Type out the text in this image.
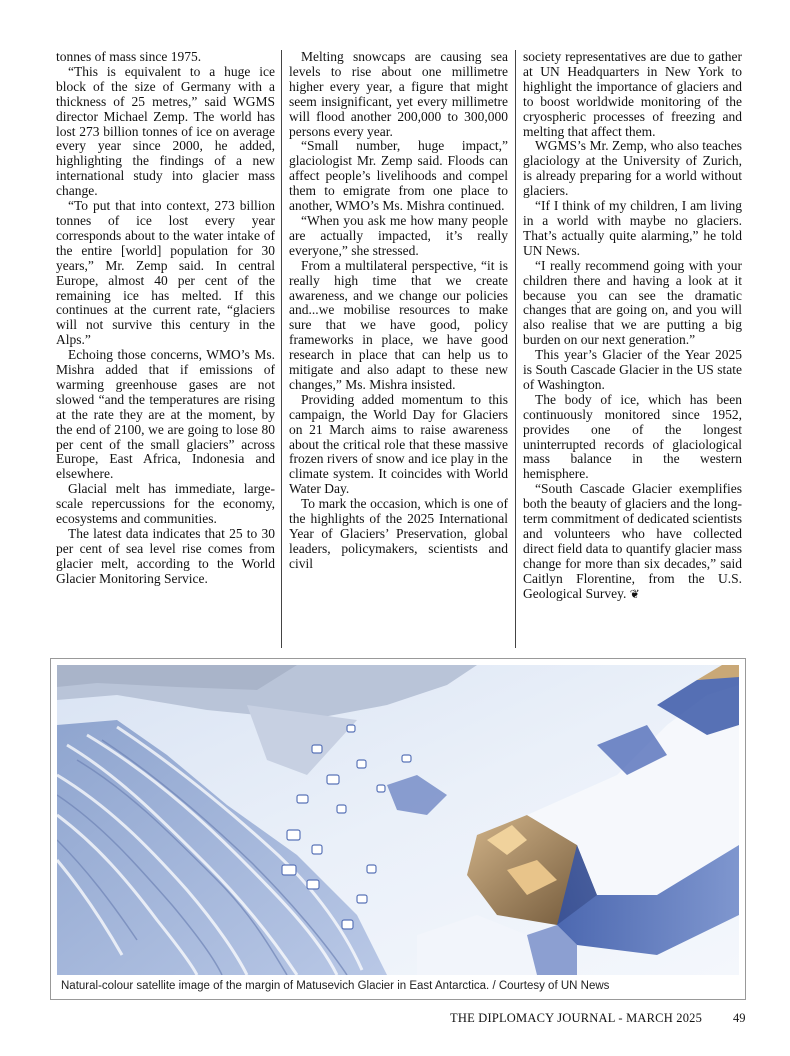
tonnes of mass since 1975.

“This is equivalent to a huge ice block of the size of Germany with a thickness of 25 metres,” said WGMS director Michael Zemp. The world has lost 273 billion tonnes of ice on average every year since 2000, he added, highlighting the findings of a new international study into glacier mass change.

“To put that into context, 273 billion tonnes of ice lost every year corresponds about to the water intake of the entire [world] population for 30 years,” Mr. Zemp said. In central Europe, almost 40 per cent of the remaining ice has melted. If this continues at the current rate, “glaciers will not survive this century in the Alps.”

Echoing those concerns, WMO’s Ms. Mishra added that if emissions of warming greenhouse gases are not slowed “and the temperatures are rising at the rate they are at the moment, by the end of 2100, we are going to lose 80 per cent of the small glaciers” across Europe, East Africa, Indonesia and elsewhere.

Glacial melt has immediate, large-scale repercussions for the economy, ecosystems and communities.

The latest data indicates that 25 to 30 per cent of sea level rise comes from glacier melt, according to the World Glacier Monitoring Service.

Melting snowcaps are causing sea levels to rise about one millimetre higher every year, a figure that might seem insignificant, yet every millimetre will flood another 200,000 to 300,000 persons every year.

“Small number, huge impact,” glaciologist Mr. Zemp said. Floods can affect people’s livelihoods and compel them to emigrate from one place to another, WMO’s Ms. Mishra continued.

“When you ask me how many people are actually impacted, it’s really everyone,” she stressed.

From a multilateral perspective, “it is really high time that we create awareness, and we change our policies and...we mobilise resources to make sure that we have good, policy frameworks in place, we have good research in place that can help us to mitigate and also adapt to these new changes,” Ms. Mishra insisted.

Providing added momentum to this campaign, the World Day for Glaciers on 21 March aims to raise awareness about the critical role that these massive frozen rivers of snow and ice play in the climate system. It coincides with World Water Day.

To mark the occasion, which is one of the highlights of the 2025 International Year of Glaciers’ Preservation, global leaders, policymakers, scientists and civil

society representatives are due to gather at UN Headquarters in New York to highlight the importance of glaciers and to boost worldwide monitoring of the cryospheric processes of freezing and melting that affect them.

WGMS’s Mr. Zemp, who also teaches glaciology at the University of Zurich, is already preparing for a world without glaciers.

“If I think of my children, I am living in a world with maybe no glaciers. That’s actually quite alarming,” he told UN News.

“I really recommend going with your children there and having a look at it because you can see the dramatic changes that are going on, and you will also realise that we are putting a big burden on our next generation.”

This year’s Glacier of the Year 2025 is South Cascade Glacier in the US state of Washington.

The body of ice, which has been continuously monitored since 1952, provides one of the longest uninterrupted records of glaciological mass balance in the western hemisphere.

“South Cascade Glacier exemplifies both the beauty of glaciers and the long-term commitment of dedicated scientists and volunteers who have collected direct field data to quantify glacier mass change for more than six decades,” said Caitlyn Florentine, from the U.S. Geological Survey. ❦

Natural-colour satellite image of the margin of Matusevich Glacier in East Antarctica. / Courtesy of UN News
THE DIPLOMACY JOURNAL - MARCH 2025 49
